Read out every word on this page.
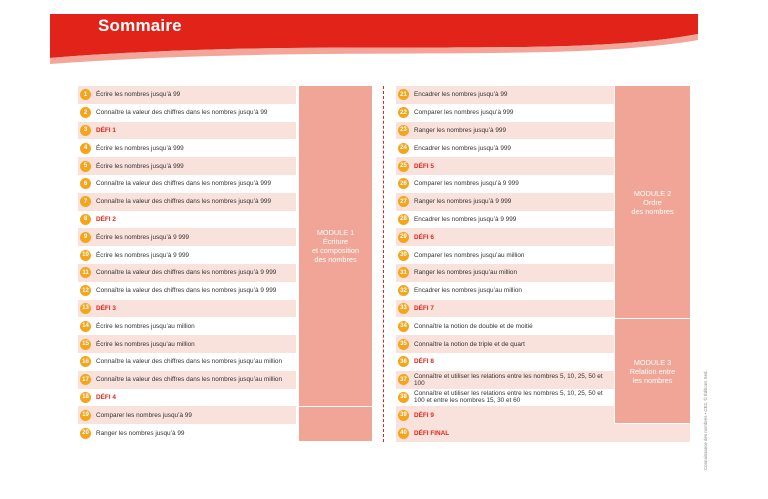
Sommaire
1	Écrire les nombres jusqu’à 99
2	Connaître la valeur des chiffres dans les nombres jusqu’à 99
3	DÉFI 1
4	Écrire les nombres jusqu’à 999
5	Écrire les nombres jusqu’à 999
6	Connaître la valeur des chiffres dans les nombres jusqu’à 999
7	Connaître la valeur des chiffres dans les nombres jusqu’à 999
8	DÉFI 2
9	Écrire les nombres jusqu’à 9 999
10	Écrire les nombres jusqu’à 9 999
11	Connaître la valeur des chiffres dans les nombres jusqu’à 9 999
12	Connaître la valeur des chiffres dans les nombres jusqu’à 9 999
13	DÉFI 3
14	Écrire les nombres jusqu’au million
15	Écrire les nombres jusqu’au million
16	Connaître la valeur des chiffres dans les nombres jusqu’au million
17	Connaître la valeur des chiffres dans les nombres jusqu’au million
18	DÉFI 4
19	Comparer les nombres jusqu’à 99
20	Ranger les nombres jusqu’à 99
MODULE 1
Écriture
et composition
des nombres
21	Encadrer les nombres jusqu’à 99
22	Comparer les nombres jusqu’à 999
23	Ranger les nombres jusqu’à 999
24	Encadrer les nombres jusqu’à 999
25	DÉFI 5
26	Comparer les nombres jusqu’à 9 999
27	Ranger les nombres jusqu’à 9 999
28	Encadrer les nombres jusqu’à 9 999
29	DÉFI 6
30	Comparer les nombres jusqu’au million
31	Ranger les nombres jusqu’au million
32	Encadrer les nombres jusqu’au million
33	DÉFI 7
34	Connaître la notion de double et de moitié
35	Connaître la notion de triple et de quart
36	DÉFI 8
37	Connaître et utiliser les relations entre les nombres 5, 10, 25, 50 et 100
38	Connaître et utiliser les relations entre les nombres 5, 10, 25, 50 et 100 et entre les nombres 15, 30 et 60
39	DÉFI 9
40	DÉFI FINAL
MODULE 2
Ordre
des nombres
MODULE 3
Relation entre
les nombres	Connaissance des nombres • CE2, © Éditions Sed.
